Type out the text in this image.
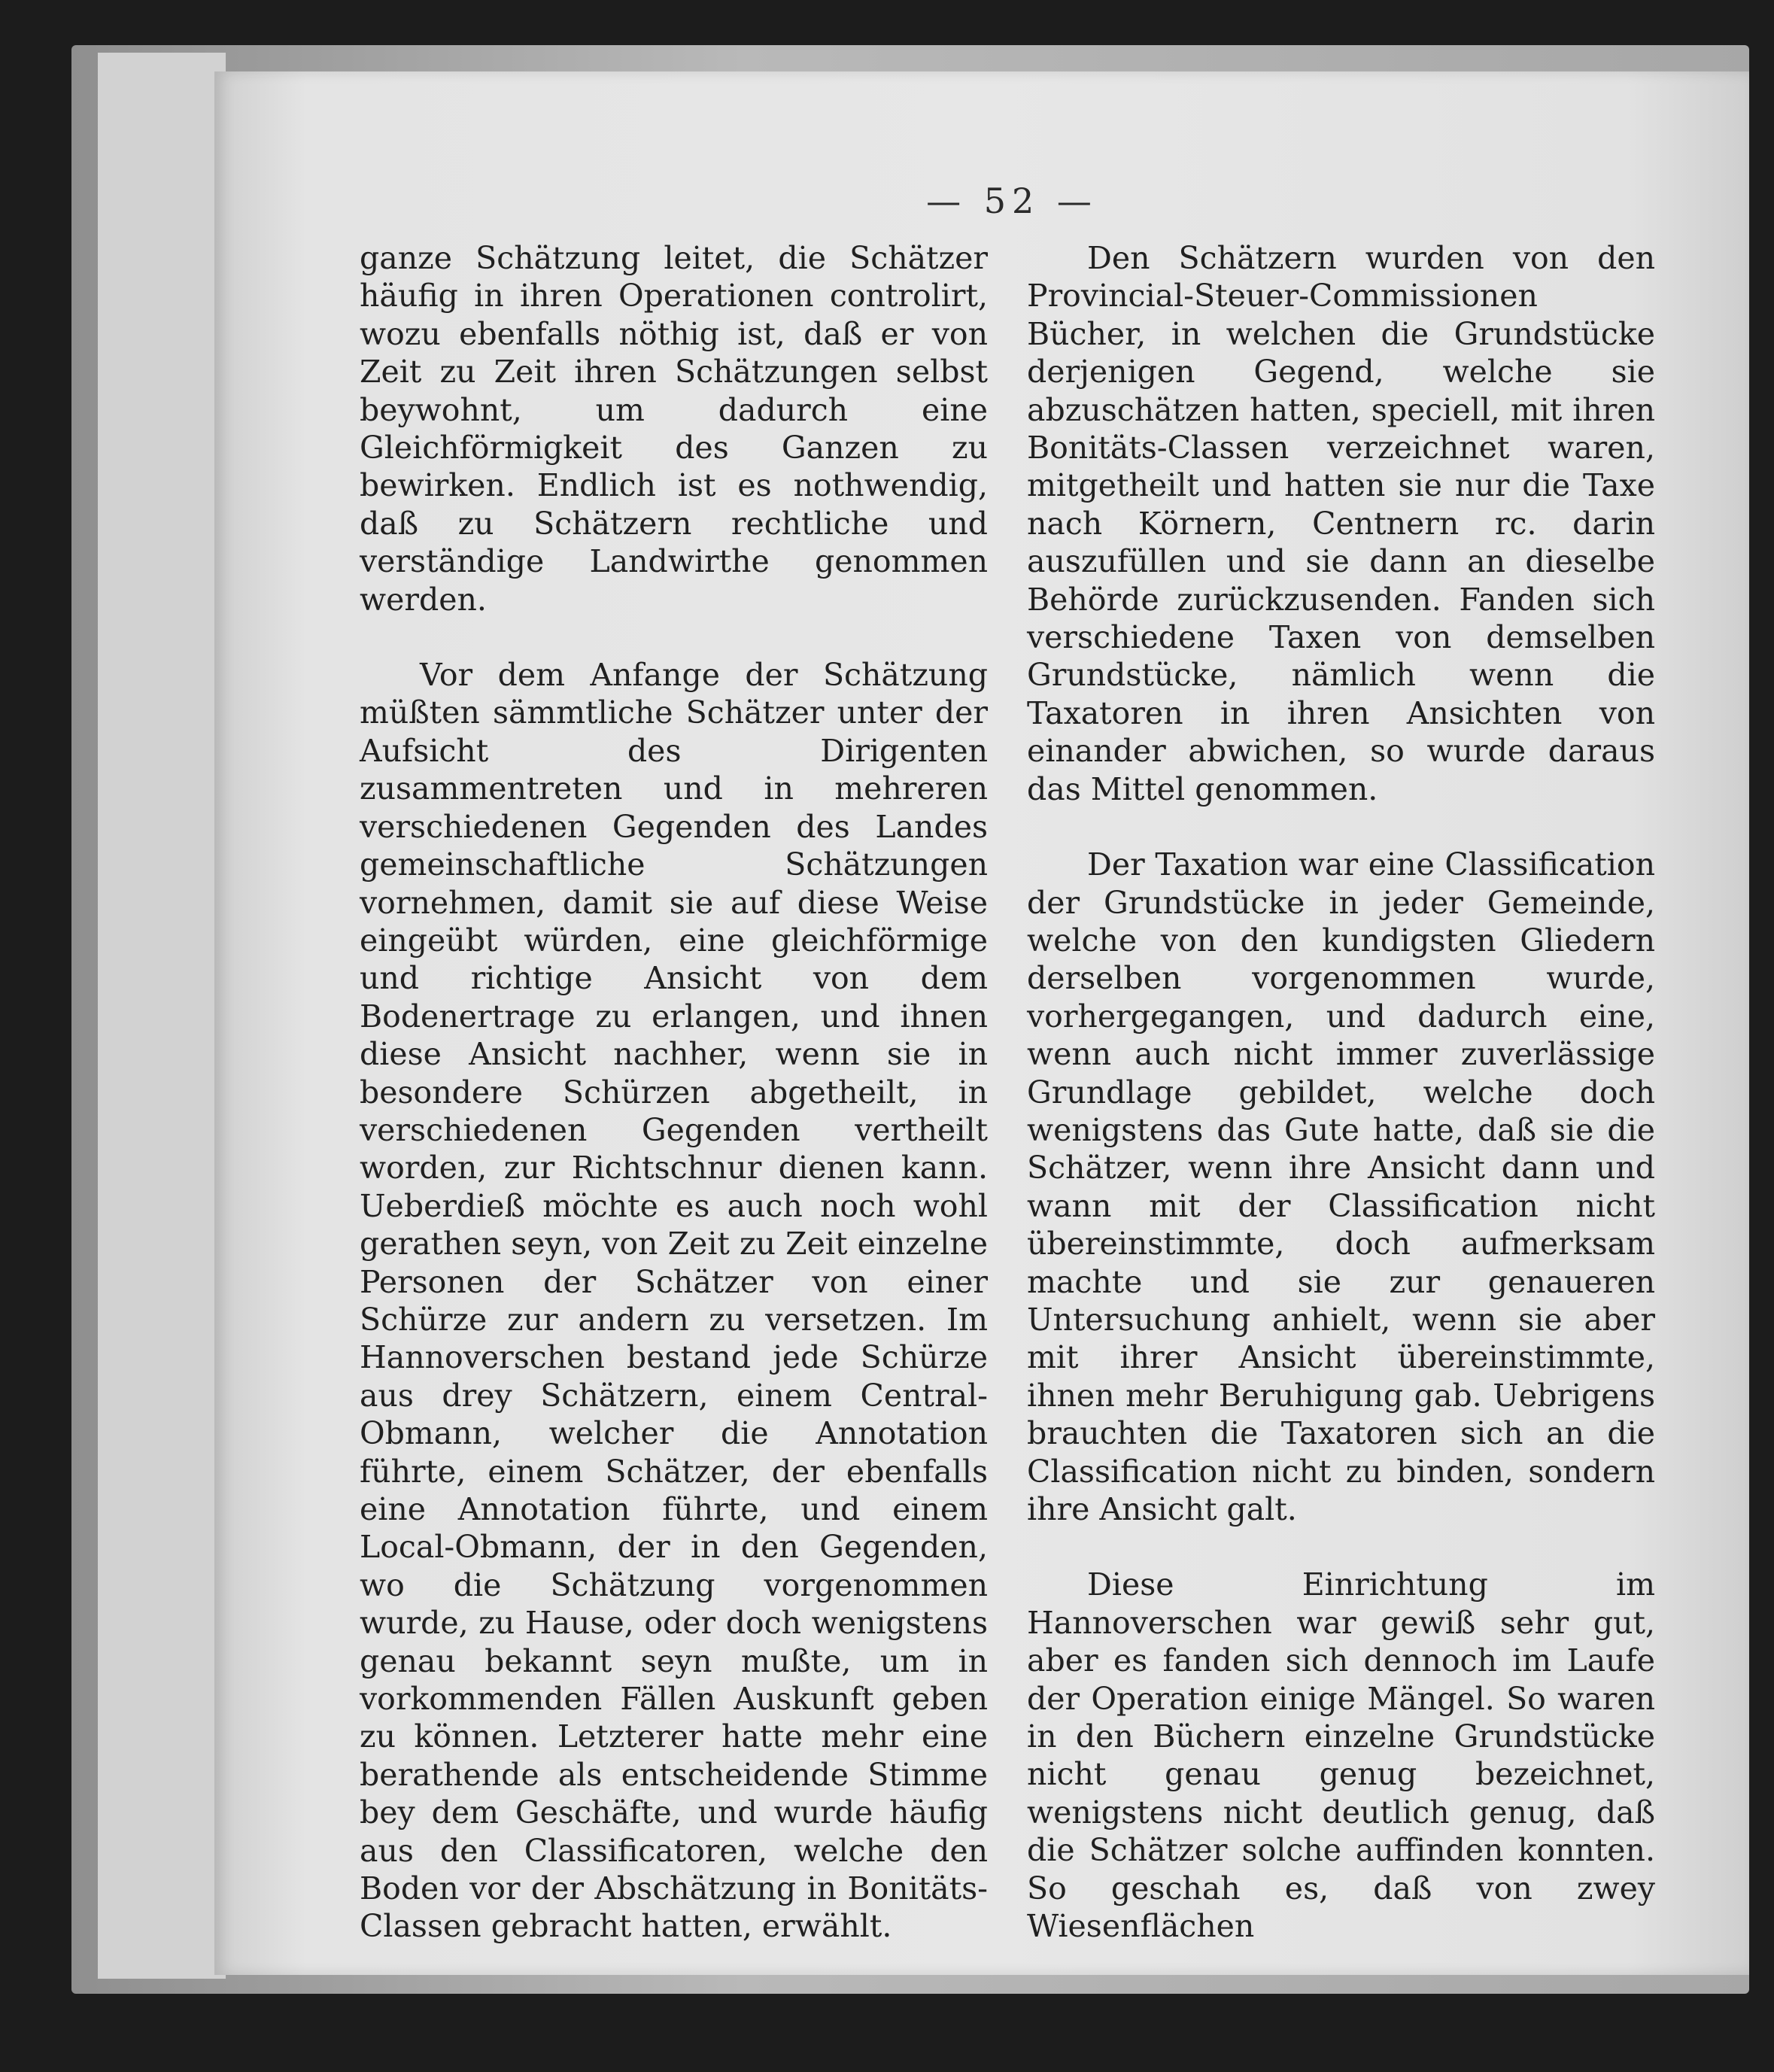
— 52 —

ganze Schätzung leitet, die Schätzer häufig in ihren Operationen controlirt, wozu ebenfalls nöthig ist, daß er von Zeit zu Zeit ihren Schätzungen selbst beywohnt, um dadurch eine Gleichförmigkeit des Ganzen zu bewirken. Endlich ist es nothwendig, daß zu Schätzern rechtliche und verständige Landwirthe genommen werden.

Vor dem Anfange der Schätzung müßten sämmtliche Schätzer unter der Aufsicht des Dirigenten zusammentreten und in mehreren verschiedenen Gegenden des Landes gemeinschaftliche Schätzungen vornehmen, damit sie auf diese Weise eingeübt würden, eine gleichförmige und richtige Ansicht von dem Bodenertrage zu erlangen, und ihnen diese Ansicht nachher, wenn sie in besondere Schürzen abgetheilt, in verschiedenen Gegenden vertheilt worden, zur Richtschnur dienen kann. Ueberdieß möchte es auch noch wohl gerathen seyn, von Zeit zu Zeit einzelne Personen der Schätzer von einer Schürze zur andern zu versetzen. Im Hannoverschen bestand jede Schürze aus drey Schätzern, einem Central-Obmann, welcher die Annotation führte, einem Schätzer, der ebenfalls eine Annotation führte, und einem Local-Obmann, der in den Gegenden, wo die Schätzung vorgenommen wurde, zu Hause, oder doch wenigstens genau bekannt seyn mußte, um in vorkommenden Fällen Auskunft geben zu können. Letzterer hatte mehr eine berathende als entscheidende Stimme bey dem Geschäfte, und wurde häufig aus den Classificatoren, welche den Boden vor der Abschätzung in Bonitäts-Classen gebracht hatten, erwählt.

Den Schätzern wurden von den Provincial-Steuer-Commissionen Bücher, in welchen die Grundstücke derjenigen Gegend, welche sie abzuschätzen hatten, speciell, mit ihren Bonitäts-Classen verzeichnet waren, mitgetheilt und hatten sie nur die Taxe nach Körnern, Centnern rc. darin auszufüllen und sie dann an dieselbe Behörde zurückzusenden. Fanden sich verschiedene Taxen von demselben Grundstücke, nämlich wenn die Taxatoren in ihren Ansichten von einander abwichen, so wurde daraus das Mittel genommen.

Der Taxation war eine Classification der Grundstücke in jeder Gemeinde, welche von den kundigsten Gliedern derselben vorgenommen wurde, vorhergegangen, und dadurch eine, wenn auch nicht immer zuverlässige Grundlage gebildet, welche doch wenigstens das Gute hatte, daß sie die Schätzer, wenn ihre Ansicht dann und wann mit der Classification nicht übereinstimmte, doch aufmerksam machte und sie zur genaueren Untersuchung anhielt, wenn sie aber mit ihrer Ansicht übereinstimmte, ihnen mehr Beruhigung gab. Uebrigens brauchten die Taxatoren sich an die Classification nicht zu binden, sondern ihre Ansicht galt.

Diese Einrichtung im Hannoverschen war gewiß sehr gut, aber es fanden sich dennoch im Laufe der Operation einige Mängel. So waren in den Büchern einzelne Grundstücke nicht genau genug bezeichnet, wenigstens nicht deutlich genug, daß die Schätzer solche auffinden konnten. So geschah es, daß von zwey Wiesenflächen
